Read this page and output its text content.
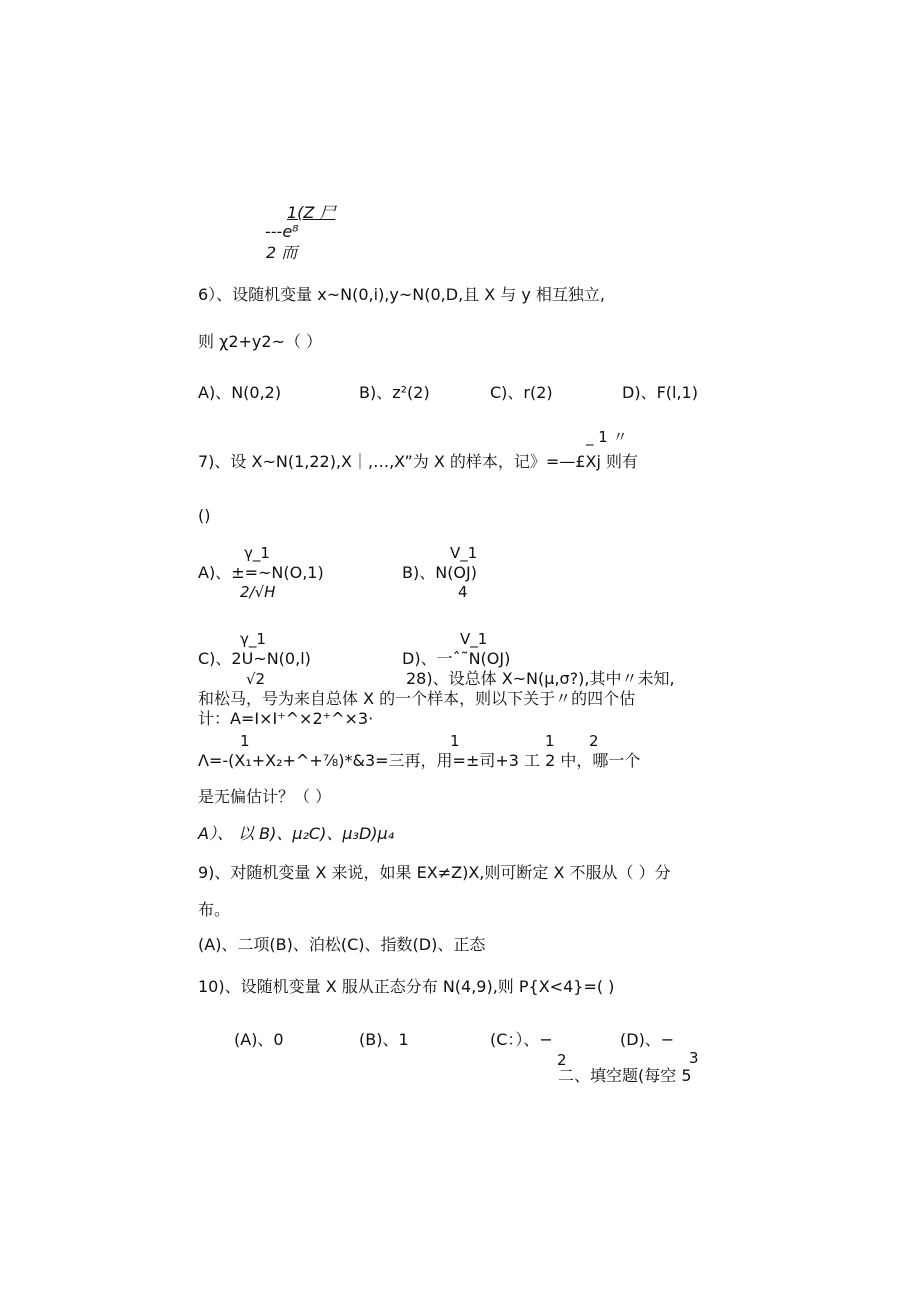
1(Z 尸
---e⁸
2 而
6）、设随机变量 x~N(0,i),y~N(0,D,且 X 与 y 相互独立,
则 χ2+y2~（ ）
A)、N(0,2)	B)、z²(2)	C)、r(2)	D)、F(l,1)
_ 1 〃
7)、设 X~N(1,22),X｜,…,X”为 X 的样本，记》=—£Xj 则有
()
γ_1
A)、±=~N(O,1)
2∕√H
V_1
B)、N(OJ)
4
γ_1
C)、2U~N(0,l)
√2
V_1
D)、一ˆ˜N(OJ)
28)、设总体 X~N(μ,σ?),其中〃未知,
和松马，号为来自总体 X 的一个样本，则以下关于〃的四个估
计：A=I×I⁺^×2⁺^×3·
1	1	1 2
Λ=-(X₁+X₂+^+⅞)*&3=三再，用=±司+3 工 2 中，哪一个
是无偏估计？（ ）
A）、 以 B)、μ₂C)、μ₃D)μ₄
9)、对随机变量 X 来说，如果 EX≠Z)X,则可断定 X 不服从（ ）分
布。
(A)、二项(B)、泊松(C)、指数(D)、正态
10)、设随机变量 X 服从正态分布 N(4,9),则 P{X<4}=( )
(A)、0	(B)、1	(C：）、−
2
(D)、−
3
二、填空题(每空 5
